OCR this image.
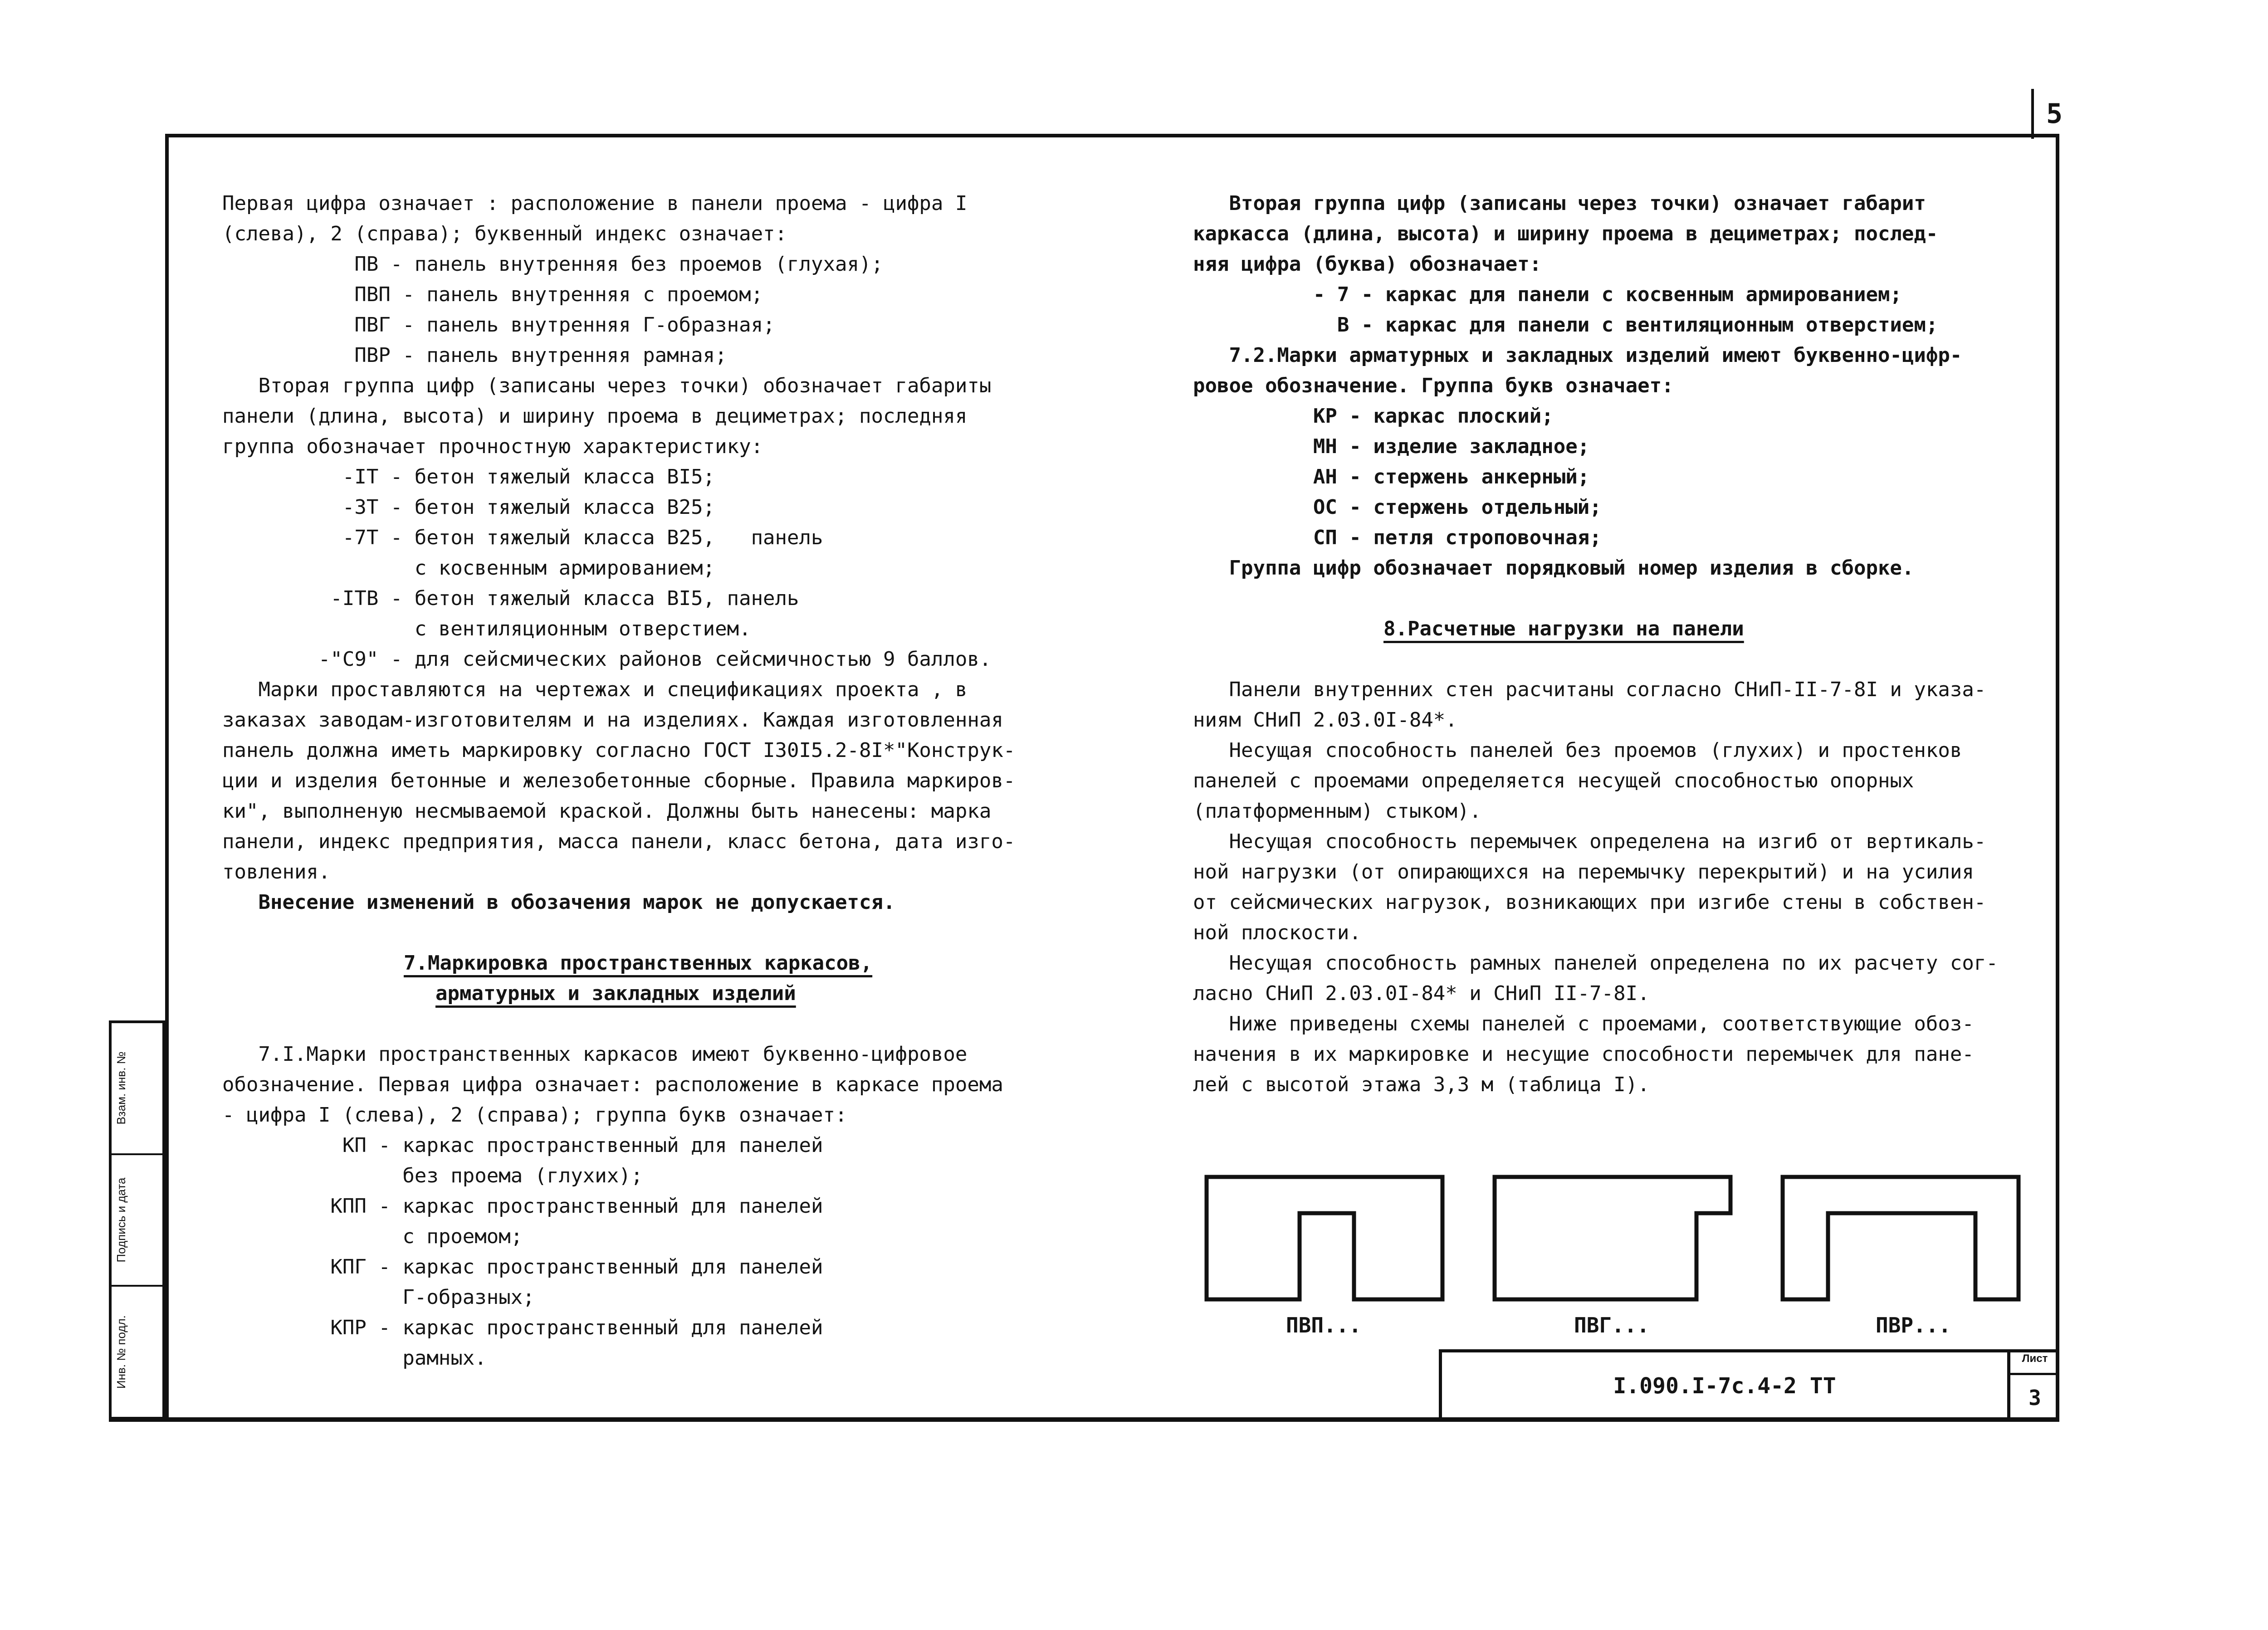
5
Взам. инв. №
Подпись и дата
Инв. № подл.

Первая цифра означает : расположение в панели проема - цифра I

(слева), 2 (справа); буквенный индекс означает:

ПВ - панель внутренняя без проемов (глухая);

ПВП - панель внутренняя с проемом;

ПВГ - панель внутренняя Г-образная;

ПВР - панель внутренняя рамная;

Вторая группа цифр (записаны через точки) обозначает габариты

панели (длина, высота) и ширину проема в дециметрах; последняя

группа обозначает прочностную характеристику:

-IT - бетон тяжелый класса BI5;

-3T - бетон тяжелый класса B25;

-7T - бетон тяжелый класса B25,   панель

с косвенным армированием;

-ITB - бетон тяжелый класса BI5, панель

с вентиляционным отверстием.

-"С9" - для сейсмических районов сейсмичностью 9 баллов.

Марки проставляются на чертежах и спецификациях проекта , в

заказах заводам-изготовителям и на изделиях. Каждая изготовленная

панель должна иметь маркировку согласно ГОСТ I30I5.2-8I*"Конструк-

ции и изделия бетонные и железобетонные сборные. Правила маркиров-

ки", выполненую несмываемой краской. Должны быть нанесены: марка

панели, индекс предприятия, масса панели, класс бетона, дата изго-

товления.

Внесение изменений в обозачения марок не допускается.

7.Маркировка пространственных каркасов,

арматурных и закладных изделий

7.I.Марки пространственных каркасов имеют буквенно-цифровое

обозначение. Первая цифра означает: расположение в каркасе проема

- цифра I (слева), 2 (справа); группа букв означает:

КП - каркас пространственный для панелей

без проема (глухих);

КПП - каркас пространственный для панелей

с проемом;

КПГ - каркас пространственный для панелей

Г-образных;

КПР - каркас пространственный для панелей

рамных.

Вторая группа цифр (записаны через точки) означает габарит

каркасса (длина, высота) и ширину проема в дециметрах; послед-

няя цифра (буква) обозначает:

- 7 - каркас для панели с косвенным армированием;

В - каркас для панели с вентиляционным отверстием;

7.2.Марки арматурных и закладных изделий имеют буквенно-цифр-

ровое обозначение. Группа букв означает:

КР - каркас плоский;

МН - изделие закладное;

АН - стержень анкерный;

ОС - стержень отдельный;

СП - петля строповочная;

Группа цифр обозначает порядковый номер изделия в сборке.

8.Расчетные нагрузки на панели

Панели внутренних стен расчитаны согласно СНиП-II-7-8I и указа-

ниям СНиП 2.03.0I-84*.

Несущая способность панелей без проемов (глухих) и простенков

панелей с проемами определяется несущей способностью опорных

(платформенным) стыком).

Несущая способность перемычек определена на изгиб от вертикаль-

ной нагрузки (от опирающихся на перемычку перекрытий) и на усилия

от сейсмических нагрузок, возникающих при изгибе стены в собствен-

ной плоскости.

Несущая способность рамных панелей определена по их расчету сог-

ласно СНиП 2.03.0I-84* и СНиП II-7-8I.

Ниже приведены схемы панелей с проемами, соответствующие обоз-

начения в их маркировке и несущие способности перемычек для пане-

лей с высотой этажа 3,3 м (таблица I).

ПВП...	ПВГ...	ПВР...
I.090.I-7с.4-2 ТТ
Лист
3
